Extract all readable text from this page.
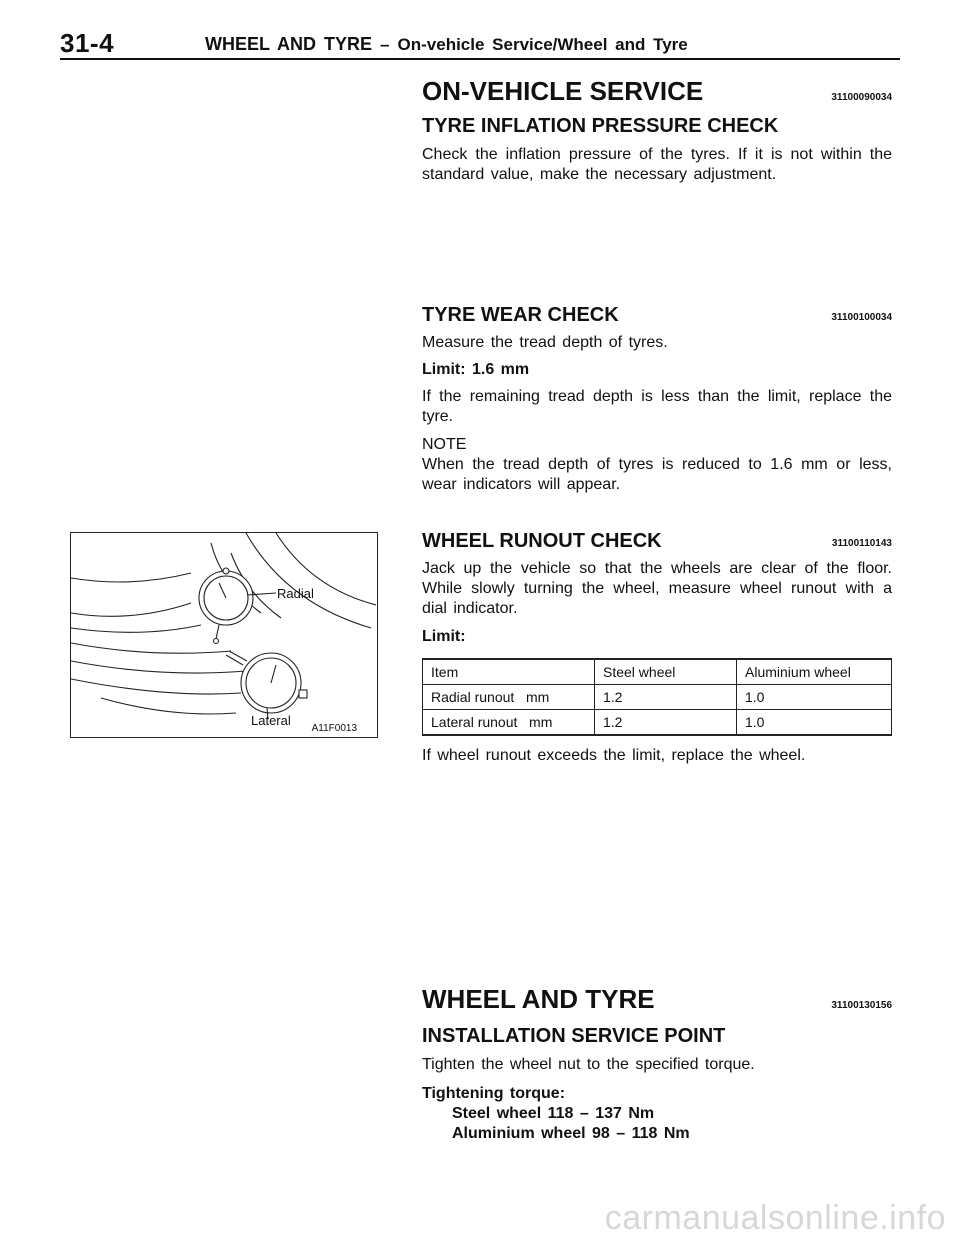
31-4	WHEEL AND TYRE – On-vehicle Service/Wheel and Tyre
ON-VEHICLE SERVICE	31100090034
TYRE INFLATION PRESSURE CHECK

Check the inflation pressure of the tyres. If it is not within the standard value, make the necessary adjustment.

TYRE WEAR CHECK	31100100034

Measure the tread depth of tyres.

Limit: 1.6 mm

If the remaining tread depth is less than the limit, replace the tyre.

NOTE

When the tread depth of tyres is reduced to 1.6 mm or less, wear indicators will appear.

WHEEL RUNOUT CHECK	31100110143

Jack up the vehicle so that the wheels are clear of the floor. While slowly turning the wheel, measure wheel runout with a dial indicator.

Limit:

Item	Steel wheel	Aluminium wheel
Radial runout   mm	1.2	1.0
Lateral runout   mm	1.2	1.0

If wheel runout exceeds the limit, replace the wheel.

Radial
Lateral
A11F0013
WHEEL AND TYRE	31100130156
INSTALLATION SERVICE POINT

Tighten the wheel nut to the specified torque.

Tightening torque:

Steel wheel 118 – 137 Nm

Aluminium wheel 98 – 118 Nm

carmanualsonline.info
